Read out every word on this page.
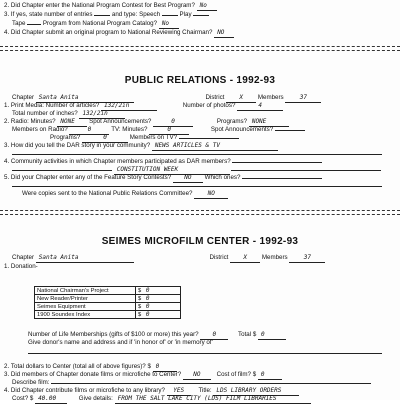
2. Did Chapter enter the National Program Contest for Best Program? No
3. If yes, state number of entries	and type: Speech	Play
Tape	Program from National Program Catalog? No
4. Did Chapter submit an original program to National Reviewing Chairman? NO
PUBLIC RELATIONS - 1992-93
Chapter Santa Anita	District X Members	37
1. Print Media: Number of articles? 132/2in	Number of photos?	4
Total number of inches? 132/2in
2. Radio: Minutes? NONE Spot Announcements?	0	Programs? NONE
Members on Radio?	0	TV: Minutes?	0	Spot Announcements?
Programs?	0	Members on TV?
3. How did you tell the DAR story in your community? NEWS ARTICLES & TV
4. Community activities in which Chapter members participated as DAR members?
CONSTITUTION WEEK
5. Did your Chapter enter any of the Feature Story Contests? NO Which ones?
Were copies sent to the National Public Relations Committee?	NO
SEIMES MICROFILM CENTER - 1992-93
Chapter Santa Anita	District X Members	37
1. Donation-
National Chairman's Project	$ 0
New Reader/Printer	$ 0
Seimes Equipment	$ 0
1900 Soundex Index	$ 0
Number of Life Memberships (gifts of $100 or more) this year? 0	Total $ 0
Give donor's name and address and if 'in honor of' or 'in memory of'
2. Total dollars to Center (total all of above figures)? $ 0
3. Did members of Chapter donate films or microfiche to Center? NO	Cost of film? $ 0
Describe film:
4. Did Chapter contribute films or microfiche to any library? YES Title: LDS LIBRARY ORDERS
Cost? $ 40.00	Give details: FROM THE SALT LAKE CITY (LDS) FILM LIBRARIES
